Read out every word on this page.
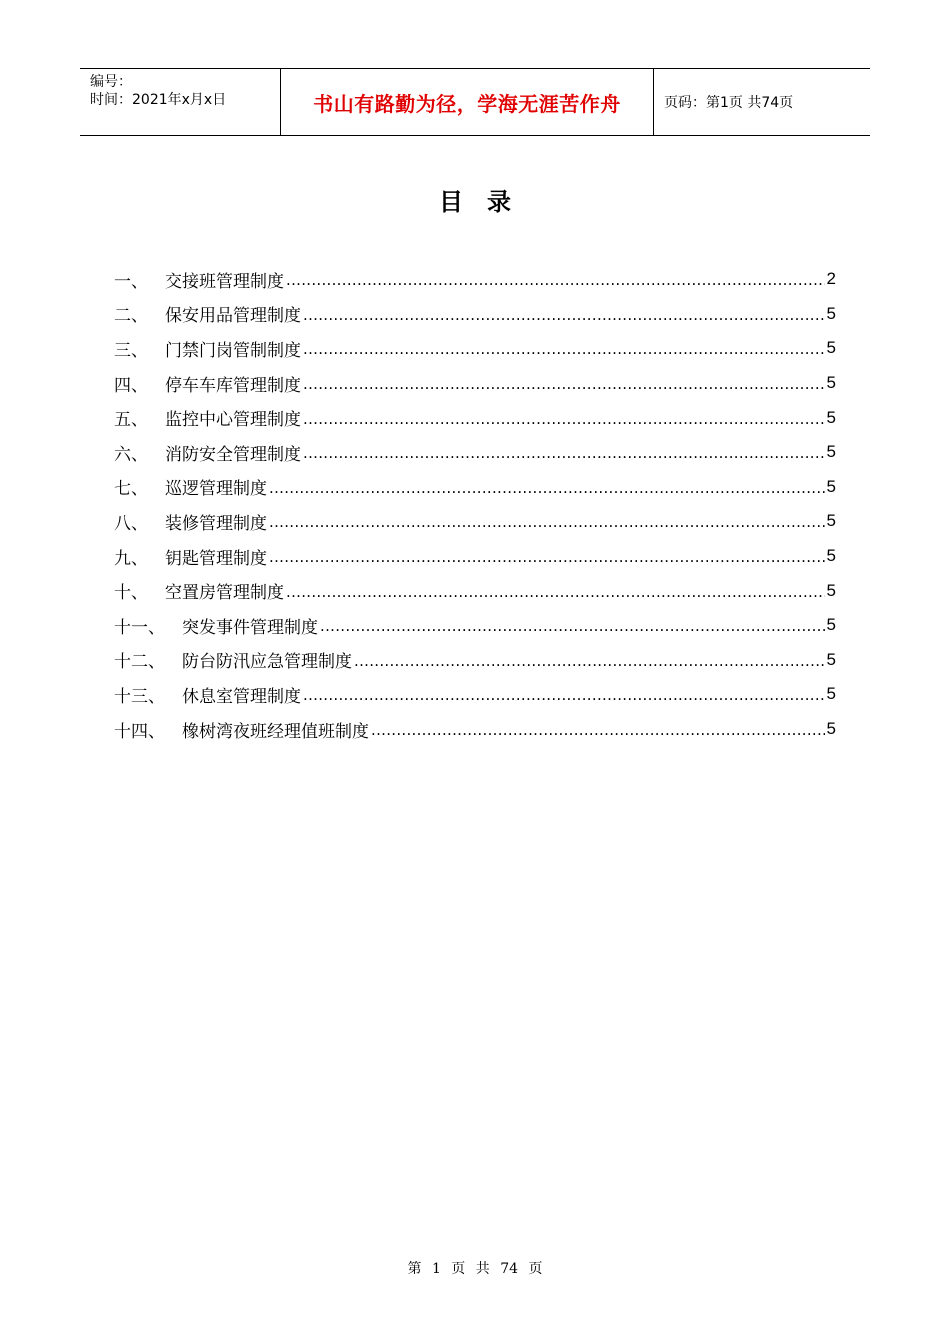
编号：
时间：2021年x月x日	书山有路勤为径，学海无涯苦作舟	页码：第1页 共74页
目录
一、	交接班管理制度 .....	2
二、	保安用品管理制度 .....	5
三、	门禁门岗管制制度 .....	5
四、	停车车库管理制度 .....	5
五、	监控中心管理制度 .....	5
六、	消防安全管理制度 .....	5
七、	巡逻管理制度 .....	5
八、	装修管理制度 .....	5
九、	钥匙管理制度 .....	5
十、	空置房管理制度 .....	5
十一、	突发事件管理制度 .....	5
十二、	防台防汛应急管理制度 .....	5
十三、	休息室管理制度 .....	5
十四、	橡树湾夜班经理值班制度 .....	5
第 1 页 共 74 页
